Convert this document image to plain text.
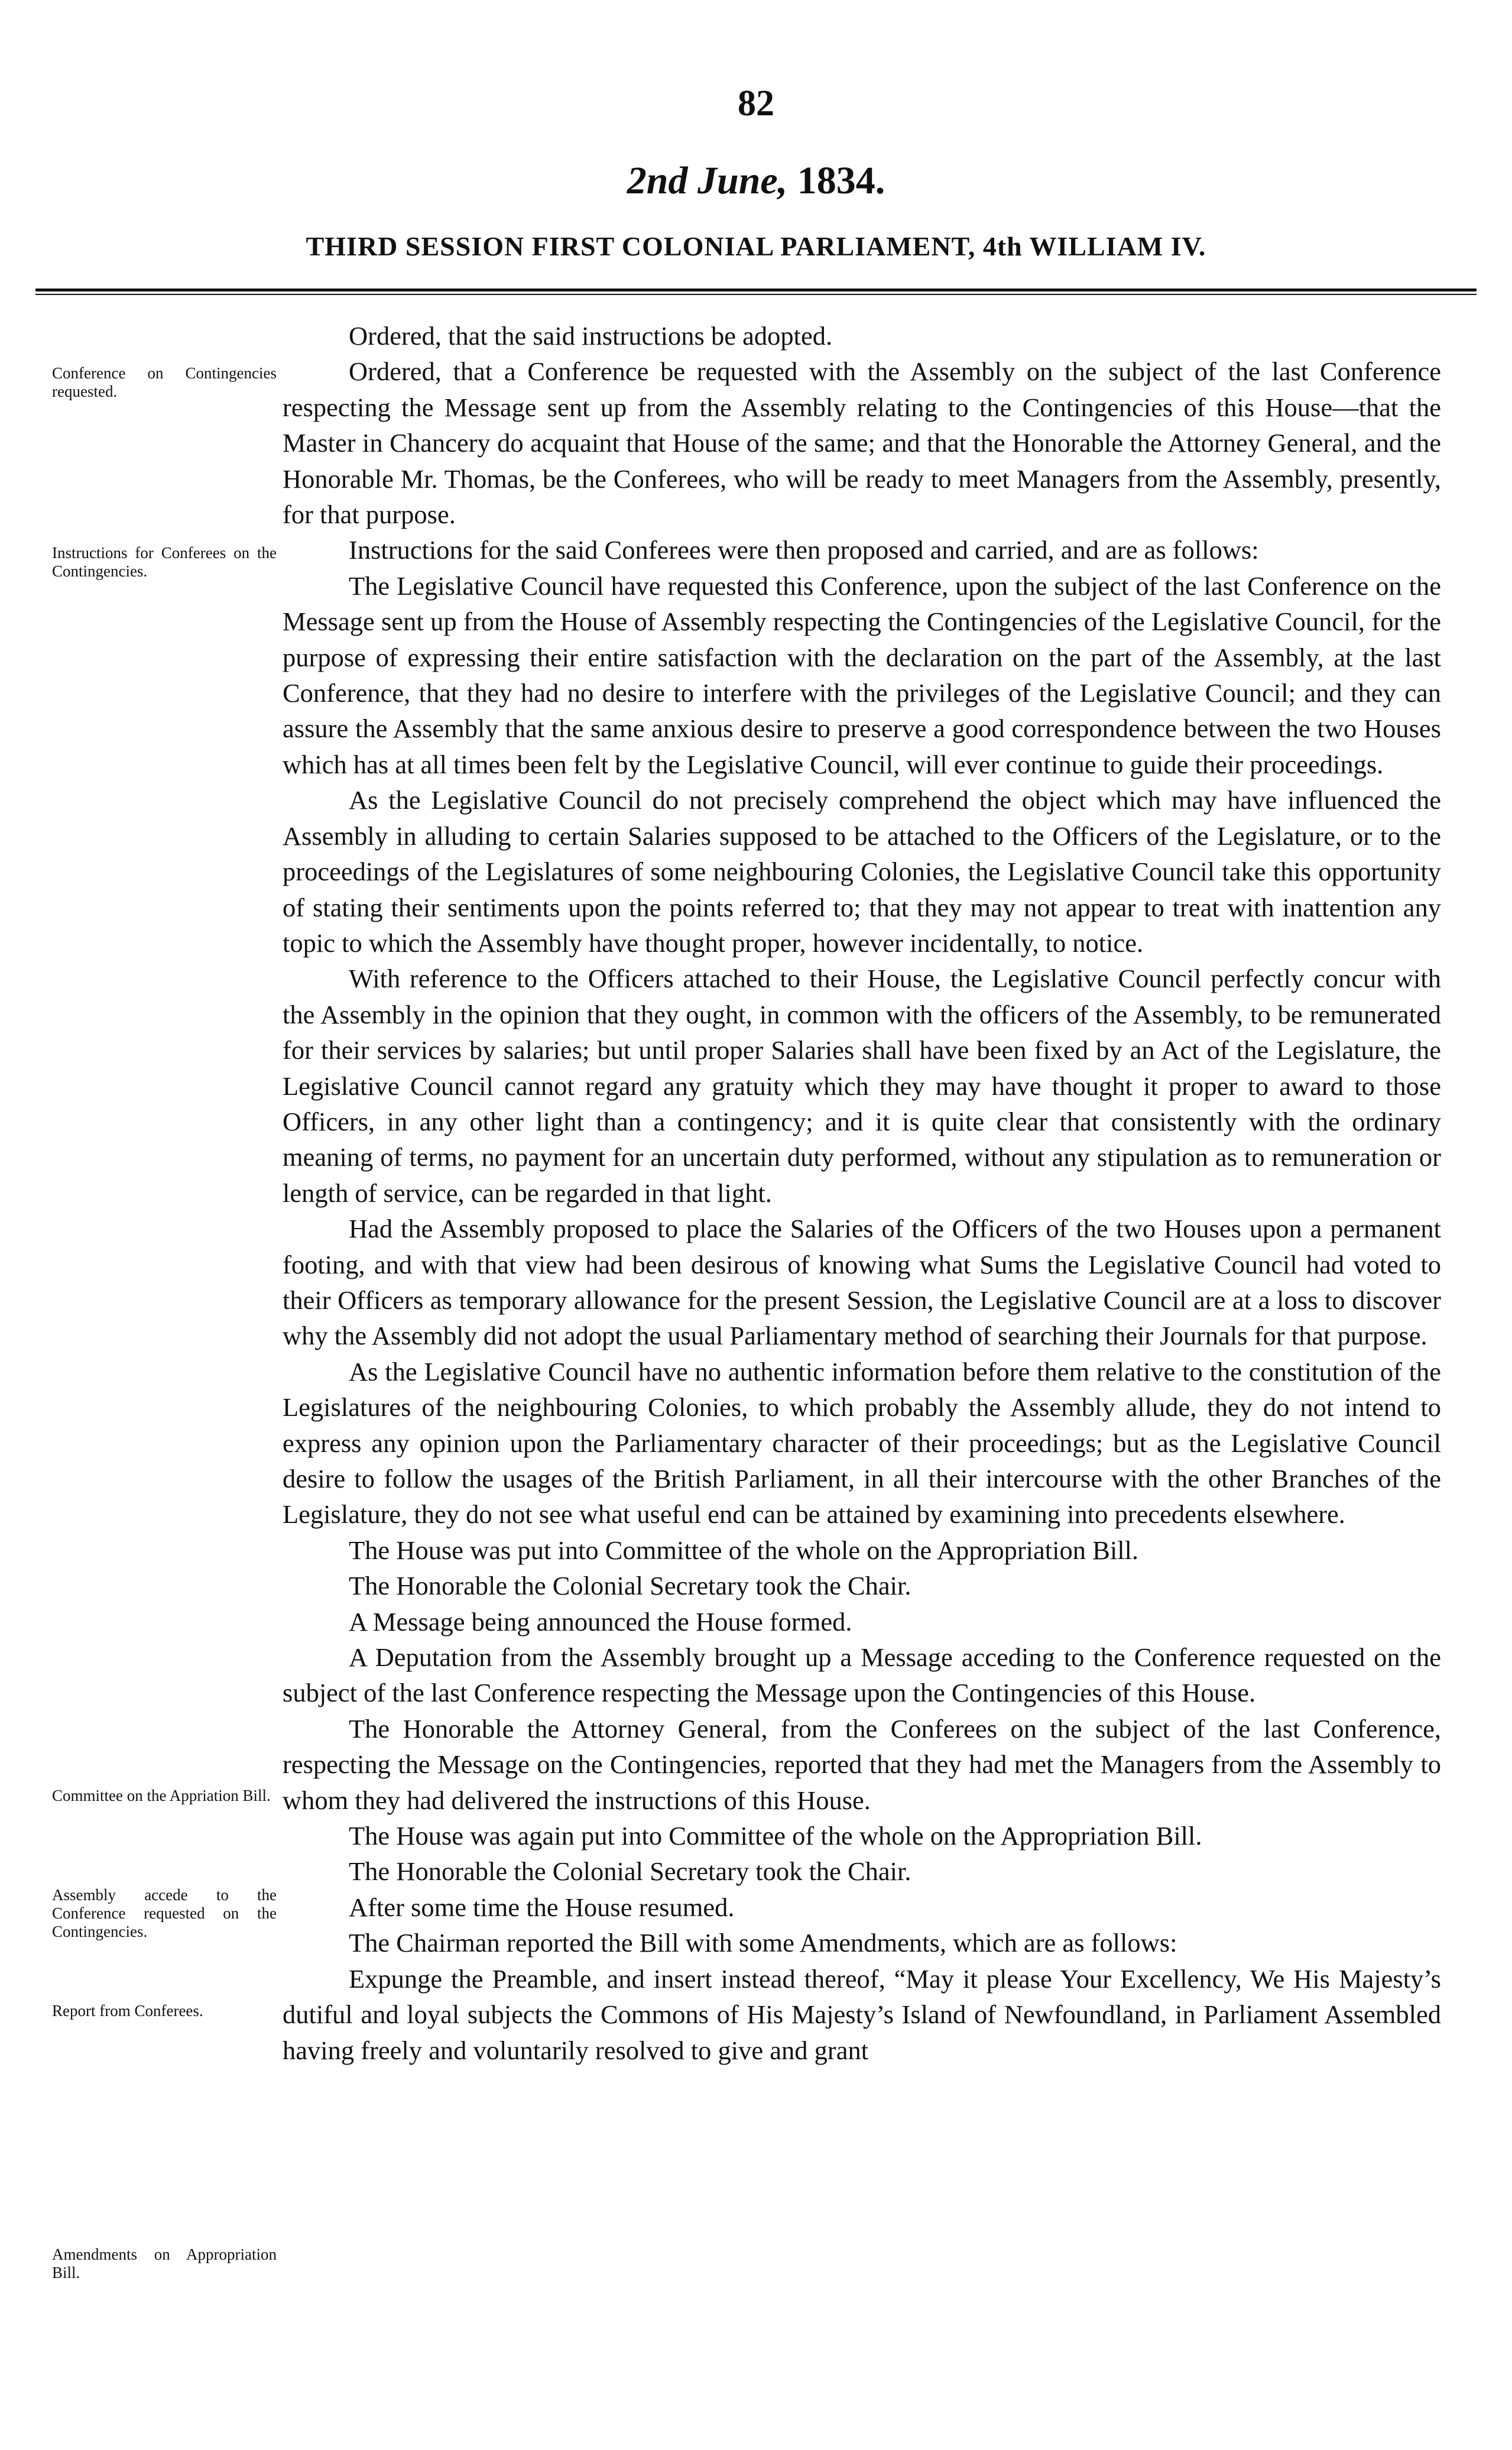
82
2nd June, 1834.
THIRD SESSION FIRST COLONIAL PARLIAMENT, 4th WILLIAM IV.
Conference on Contingencies requested.
Instructions for Conferees on the Contingencies.
Committee on the Appriation Bill.
Assembly accede to the Conference requested on the Contingencies.
Report from Conferees.
Amendments on Appropriation Bill.

Ordered, that the said instructions be adopted.

Ordered, that a Conference be requested with the Assembly on the subject of the last Conference respecting the Message sent up from the Assembly relating to the Contingencies of this House—that the Master in Chancery do acquaint that House of the same; and that the Honorable the Attorney General, and the Honorable Mr. Thomas, be the Conferees, who will be ready to meet Managers from the Assembly, presently, for that purpose.

Instructions for the said Conferees were then proposed and carried, and are as follows:

The Legislative Council have requested this Conference, upon the subject of the last Conference on the Message sent up from the House of Assembly respecting the Contingencies of the Legislative Council, for the purpose of expressing their entire satisfaction with the declaration on the part of the Assembly, at the last Conference, that they had no desire to interfere with the privileges of the Legislative Council; and they can assure the Assembly that the same anxious desire to preserve a good correspondence between the two Houses which has at all times been felt by the Legislative Council, will ever continue to guide their proceedings.

As the Legislative Council do not precisely comprehend the object which may have influenced the Assembly in alluding to certain Salaries supposed to be attached to the Officers of the Legislature, or to the proceedings of the Legislatures of some neighbouring Colonies, the Legislative Council take this opportunity of stating their sentiments upon the points referred to; that they may not appear to treat with inattention any topic to which the Assembly have thought proper, however incidentally, to notice.

With reference to the Officers attached to their House, the Legislative Council perfectly concur with the Assembly in the opinion that they ought, in common with the officers of the Assembly, to be remunerated for their services by salaries; but until proper Salaries shall have been fixed by an Act of the Legislature, the Legislative Council cannot regard any gratuity which they may have thought it proper to award to those Officers, in any other light than a contingency; and it is quite clear that consistently with the ordinary meaning of terms, no payment for an uncertain duty performed, without any stipulation as to remuneration or length of service, can be regarded in that light.

Had the Assembly proposed to place the Salaries of the Officers of the two Houses upon a permanent footing, and with that view had been desirous of knowing what Sums the Legislative Council had voted to their Officers as temporary allowance for the present Session, the Legislative Council are at a loss to discover why the Assembly did not adopt the usual Parliamentary method of searching their Journals for that purpose.

As the Legislative Council have no authentic information before them relative to the constitution of the Legislatures of the neighbouring Colonies, to which probably the Assembly allude, they do not intend to express any opinion upon the Parliamentary character of their proceedings; but as the Legislative Council desire to follow the usages of the British Parliament, in all their intercourse with the other Branches of the Legislature, they do not see what useful end can be attained by examining into precedents elsewhere.

The House was put into Committee of the whole on the Appropriation Bill.

The Honorable the Colonial Secretary took the Chair.

A Message being announced the House formed.

A Deputation from the Assembly brought up a Message acceding to the Conference requested on the subject of the last Conference respecting the Message upon the Contingencies of this House.

The Honorable the Attorney General, from the Conferees on the subject of the last Conference, respecting the Message on the Contingencies, reported that they had met the Managers from the Assembly to whom they had delivered the instructions of this House.

The House was again put into Committee of the whole on the Appropriation Bill.

The Honorable the Colonial Secretary took the Chair.

After some time the House resumed.

The Chairman reported the Bill with some Amendments, which are as follows:

Expunge the Preamble, and insert instead thereof, “May it please Your Excellency, We His Majesty’s dutiful and loyal subjects the Commons of His Majesty’s Island of Newfoundland, in Parliament Assembled having freely and voluntarily resolved to give and grant
